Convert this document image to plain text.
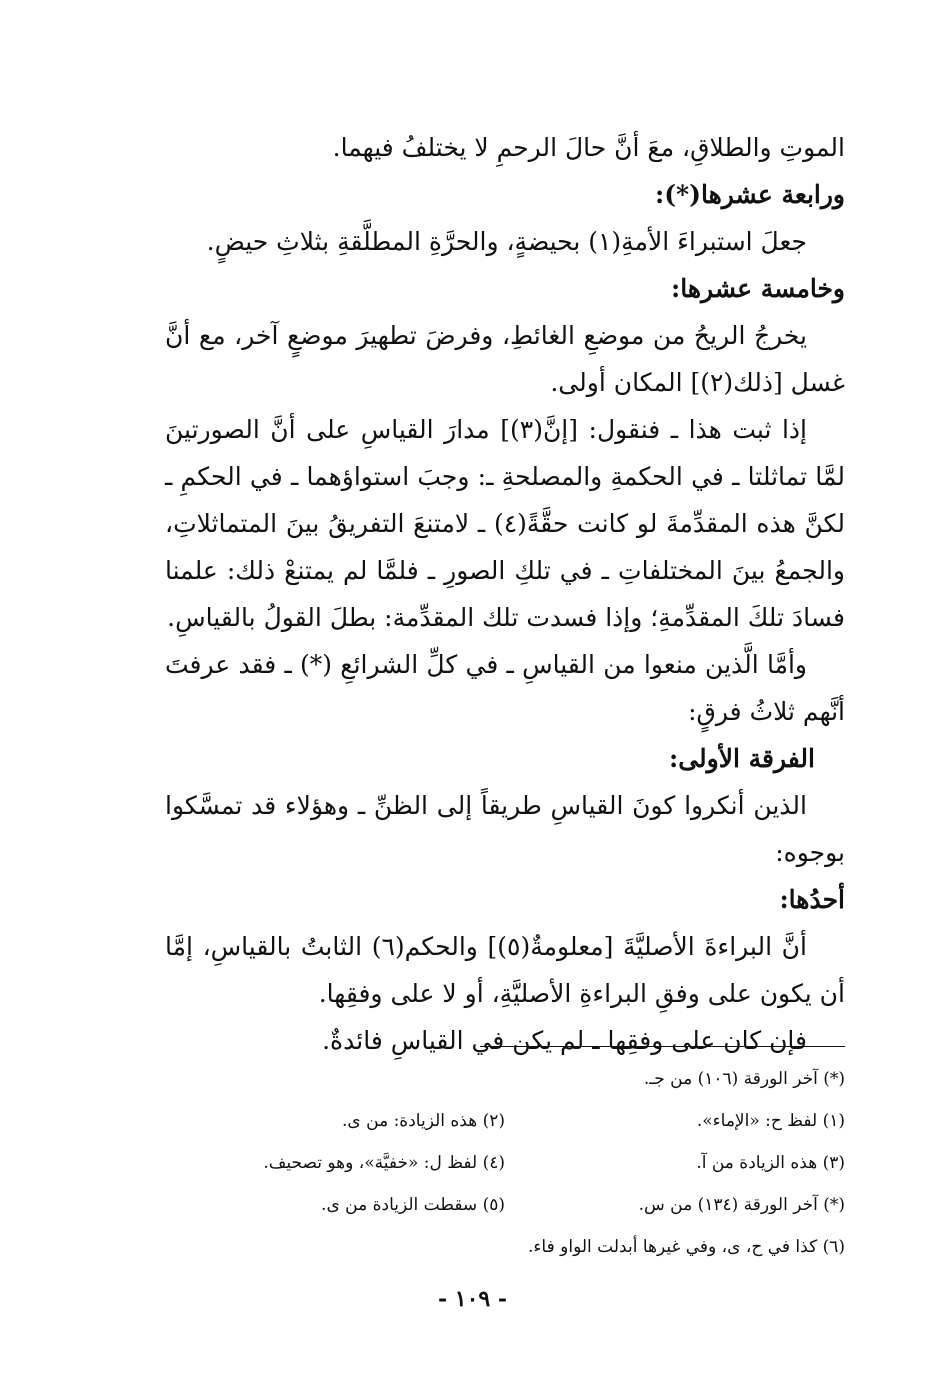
الموتِ والطلاقِ، معَ أنَّ حالَ الرحمِ لا يختلفُ فيهما.

ورابعة عشرها(*):

جعلَ استبراءَ الأمةِ(١) بحيضةٍ، والحرَّةِ المطلَّقةِ بثلاثِ حيضٍ.

وخامسة عشرها:

يخرجُ الريحُ من موضعِ الغائطِ، وفرضَ تطهيرَ موضعٍ آخر، مع أنَّ غسل [ذلك(٢)] المكان أولى.

إذا ثبت هذا ـ فنقول: [إنَّ(٣)] مدارَ القياسِ على أنَّ الصورتينَ لمَّا تماثلتا ـ في الحكمةِ والمصلحةِ ـ: وجبَ استواؤهما ـ في الحكمِ ـ لكنَّ هذه المقدِّمةَ لو كانت حقَّةً(٤) ـ لامتنعَ التفريقُ بينَ المتماثلاتِ، والجمعُ بينَ المختلفاتِ ـ في تلكِ الصورِ ـ فلمَّا لم يمتنعْ ذلك: علمنا فسادَ تلكَ المقدِّمةِ؛ وإذا فسدت تلك المقدِّمة: بطلَ القولُ بالقياسِ.

وأمَّا الَّذين منعوا من القياسِ ـ في كلِّ الشرائعِ (*) ـ فقد عرفتَ أنَّهم ثلاثُ فرقٍ:

الفرقة الأولى:

الذين أنكروا كونَ القياسِ طريقاً إلى الظنِّ ـ وهؤلاء قد تمسَّكوا بوجوه:

أحدُها:

أنَّ البراءةَ الأصليَّةَ [معلومةٌ(٥)] والحكم(٦) الثابتُ بالقياسِ، إمَّا أن يكون على وفقِ البراءةِ الأصليَّةِ، أو لا على وفقِها.

فإن كان على وفقِها ـ لم يكن في القياسِ فائدةٌ.

(*) آخر الورقة (١٠٦) من جـ.
(١) لفظ ح: «الإماء».
(٢) هذه الزيادة: من ى.
(٣) هذه الزيادة من آ.
(٤) لفظ ل: «خفيَّة»، وهو تصحيف.
(*) آخر الورقة (١٣٤) من س.
(٥) سقطت الزيادة من ى.
(٦) كذا في ح، ى، وفي غيرها أبدلت الواو فاء.
- ١٠٩ -
